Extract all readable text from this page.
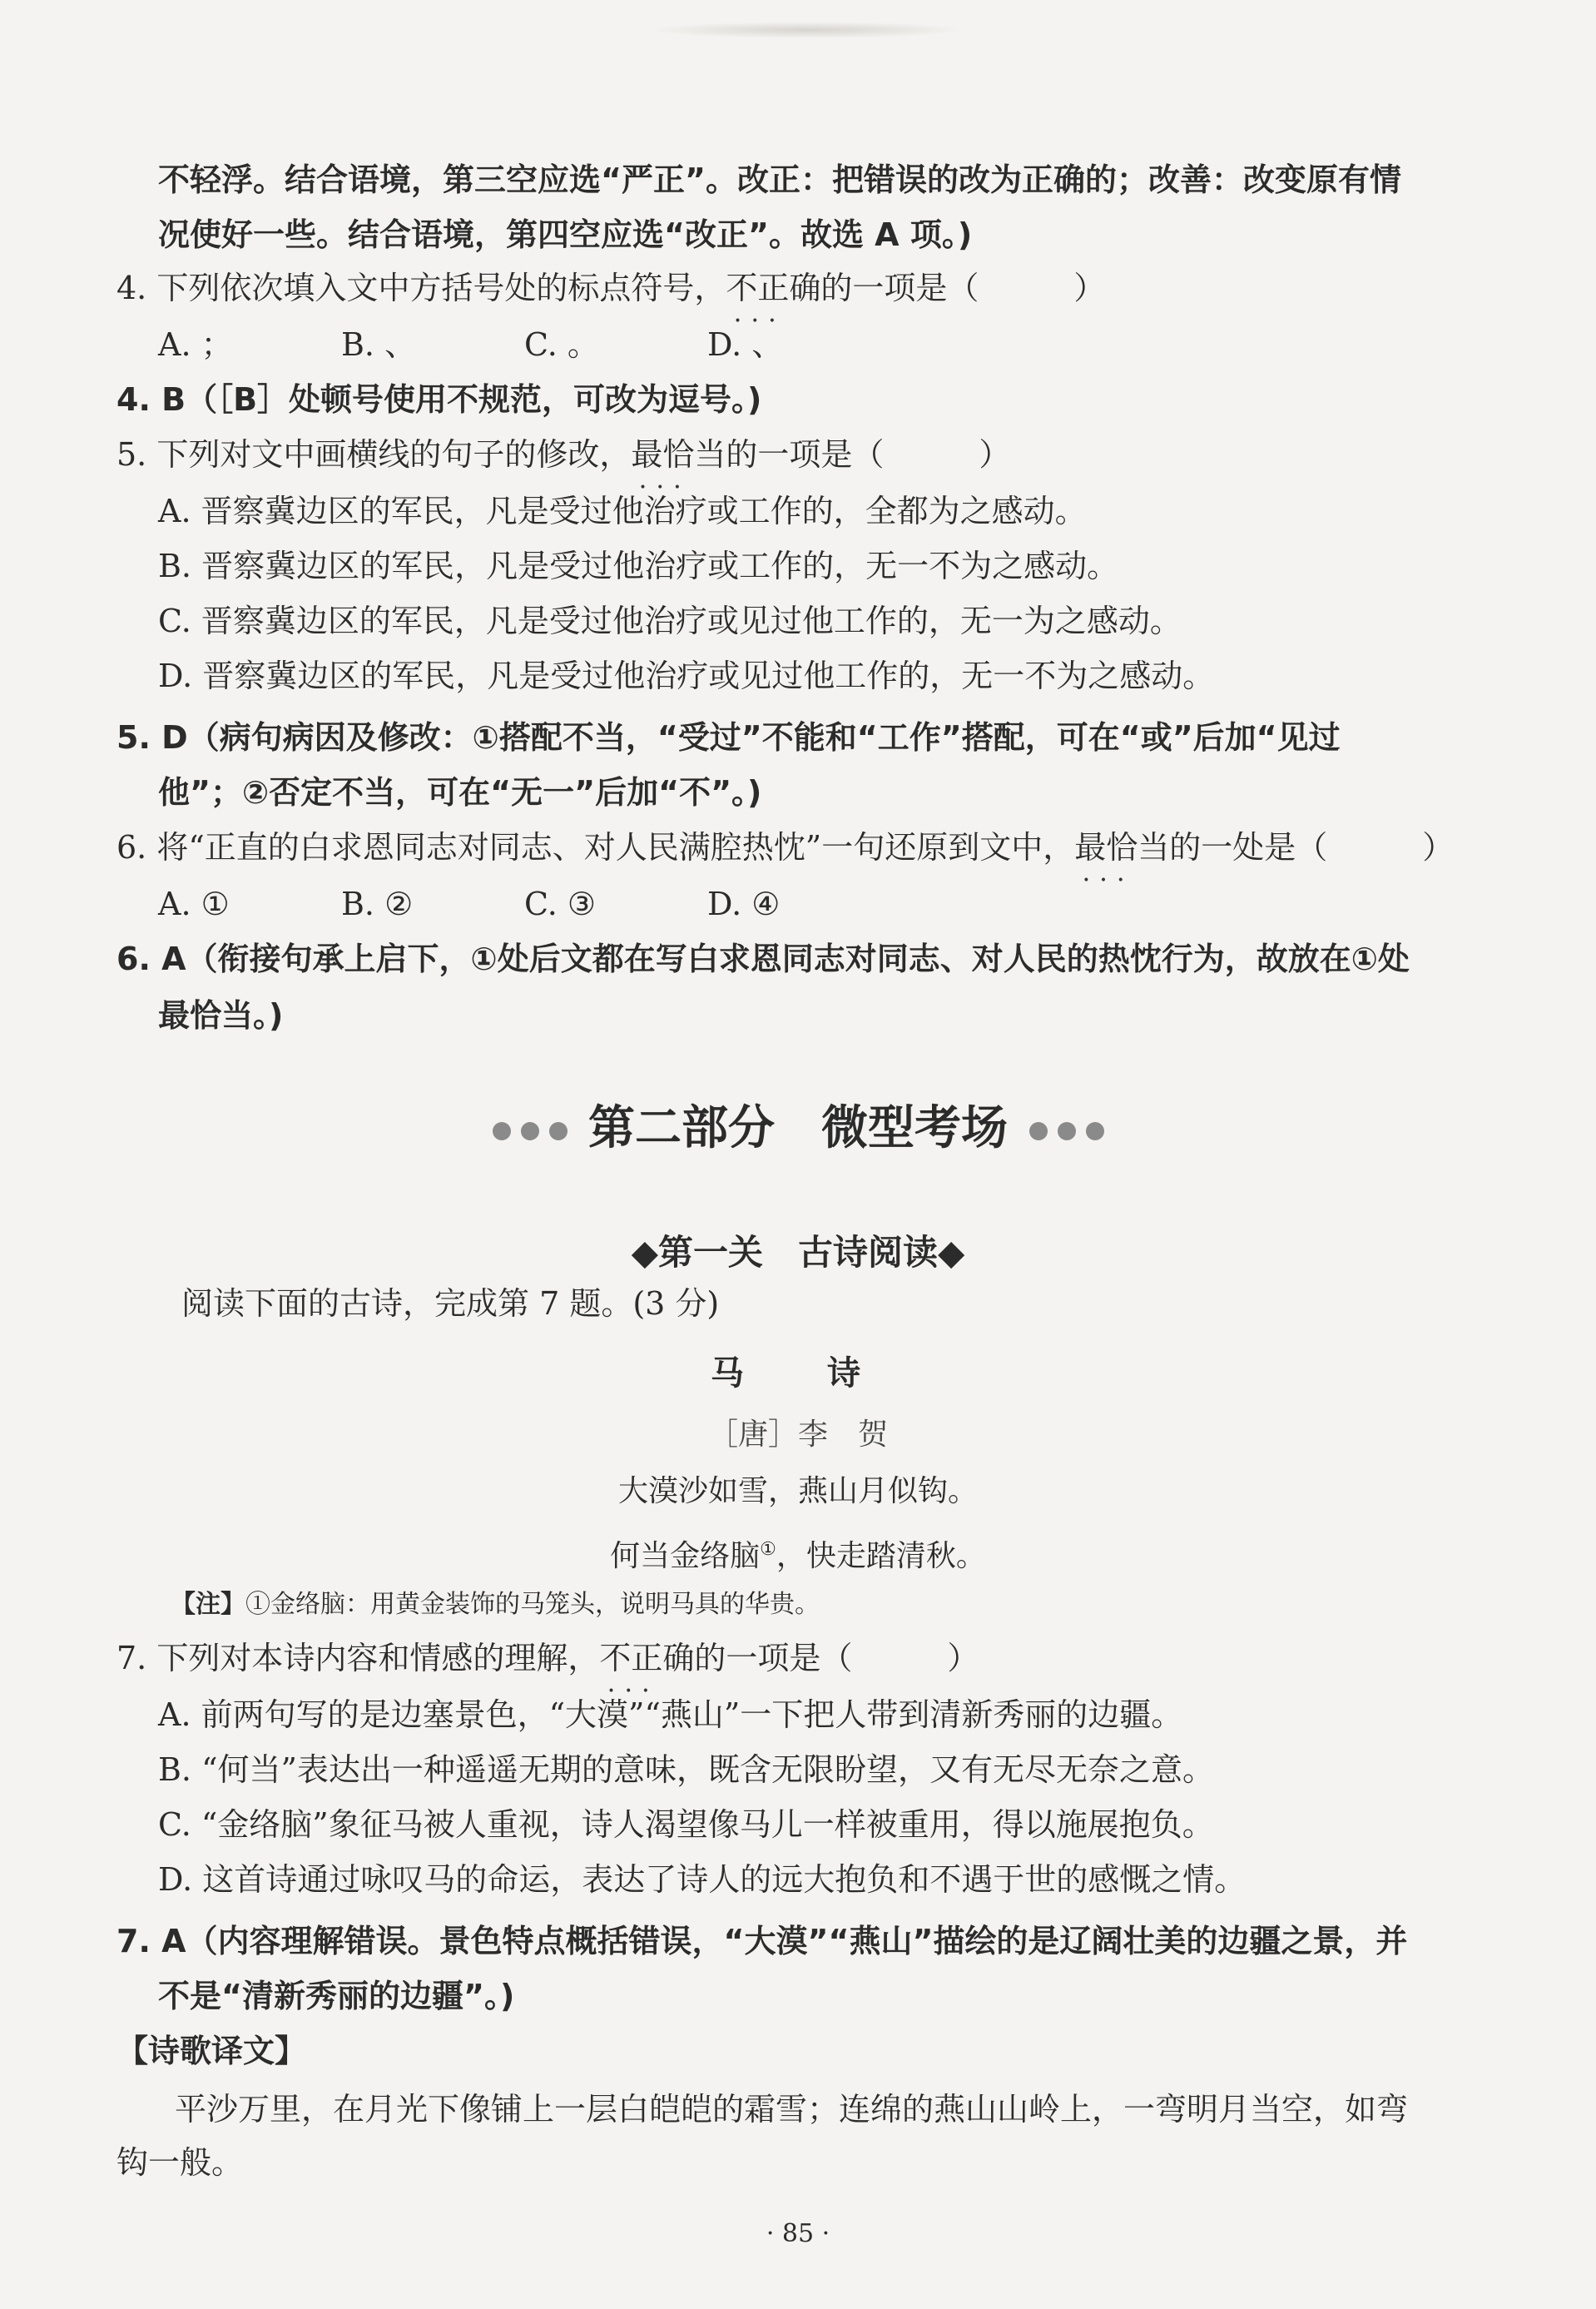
不轻浮。结合语境，第三空应选“严正”。改正：把错误的改为正确的；改善：改变原有情
况使好一些。结合语境，第四空应选“改正”。故选 A 项。)
4. 下列依次填入文中方括号处的标点符号，不正确 • • •的一项是（　　　）
A. ；	B. 、	C. 。	D. 、
4. B（［B］处顿号使用不规范，可改为逗号。)
5. 下列对文中画横线的句子的修改，最恰当 • • •的一项是（　　　）
A. 晋察冀边区的军民，凡是受过他治疗或工作的，全都为之感动。
B. 晋察冀边区的军民，凡是受过他治疗或工作的，无一不为之感动。
C. 晋察冀边区的军民，凡是受过他治疗或见过他工作的，无一为之感动。
D. 晋察冀边区的军民，凡是受过他治疗或见过他工作的，无一不为之感动。
5. D（病句病因及修改：①搭配不当，“受过”不能和“工作”搭配，可在“或”后加“见过
他”；②否定不当，可在“无一”后加“不”。)
6. 将“正直的白求恩同志对同志、对人民满腔热忱”一句还原到文中，最恰当 • • •的一处是（　　　）
A. ①	B. ②	C. ③	D. ④
6. A（衔接句承上启下，①处后文都在写白求恩同志对同志、对人民的热忱行为，故放在①处
最恰当。)
第二部分　微型考场
◆第一关　古诗阅读◆
阅读下面的古诗，完成第 7 题。(3 分)
马　诗
［唐］李　贺
大漠沙如雪，燕山月似钩。
何当金络脑①，快走踏清秋。
【注】①金络脑：用黄金装饰的马笼头，说明马具的华贵。
7. 下列对本诗内容和情感的理解，不正确 • • •的一项是（　　　）
A. 前两句写的是边塞景色，“大漠”“燕山”一下把人带到清新秀丽的边疆。
B. “何当”表达出一种遥遥无期的意味，既含无限盼望，又有无尽无奈之意。
C. “金络脑”象征马被人重视，诗人渴望像马儿一样被重用，得以施展抱负。
D. 这首诗通过咏叹马的命运，表达了诗人的远大抱负和不遇于世的感慨之情。
7. A（内容理解错误。景色特点概括错误，“大漠”“燕山”描绘的是辽阔壮美的边疆之景，并
不是“清新秀丽的边疆”。)
【诗歌译文】
平沙万里，在月光下像铺上一层白皑皑的霜雪；连绵的燕山山岭上，一弯明月当空，如弯
钩一般。
· 85 ·
